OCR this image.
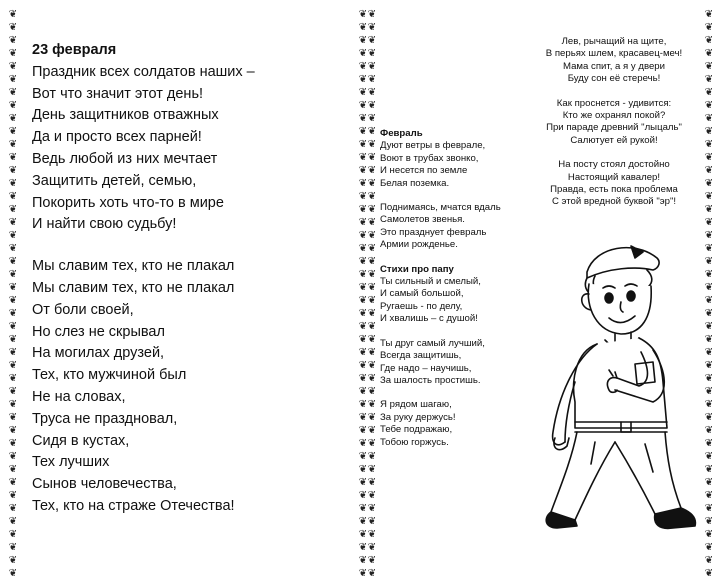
❦
❦
❦
❦
❦
❦
❦
❦
❦
❦
❦
❦
❦
❦
❦
❦
❦
❦
❦
❦
❦
❦
❦
❦
❦
❦
❦
❦
❦
❦
❦
❦
❦
❦
❦
❦
❦
❦
❦
❦
❦
❦
❦
❦
❦
❦
❦
❦
❦
❦
❦
❦
❦
❦
❦
❦
❦
❦
❦
❦
❦
❦
❦
❦
❦
❦
❦
❦
❦
❦
❦
❦
❦
❦
❦
❦
❦
❦
❦
❦
❦
❦
❦
❦
❦
❦
❦
❦
❦
❦
❦
❦
❦
❦
❦
❦
❦
❦
❦
❦
❦
❦
❦
❦
❦
❦
❦
❦
❦
❦
❦
❦
❦
❦
❦
❦
❦
❦
❦
❦
❦
❦
❦
❦
❦
❦
❦
❦
❦
❦
❦
❦
❦
❦
❦
❦
❦
❦
❦
❦
❦
❦
❦
❦
❦
❦
❦
❦
❦
❦
❦
❦
❦
❦
❦
❦
❦
❦
❦
❦
❦
❦
❦
❦
❦
❦
❦
❦
❦
❦
❦
❦
❦
❦
❦
❦
23 февраля
Праздник всех солдатов наших –
Вот что значит этот день!
День защитников отважных
Да и просто всех парней!
Ведь любой из них мечтает
Защитить детей, семью,
Покорить хоть что-то в мире
И найти свою судьбу!
Мы славим тех, кто не плакал
Мы славим тех, кто не плакал
От боли своей,
Но слез не скрывал
На могилах друзей,
Тех, кто мужчиной был
Не на словах,
Труса не праздновал,
Сидя в кустах,
Тех лучших
Сынов человечества,
Тех, кто на страже Отечества!
Февраль
Дуют ветры в феврале,
Воют в трубах звонко,
И несется по земле
Белая поземка.
Поднимаясь, мчатся вдаль
Самолетов звенья.
Это празднует февраль
Армии рожденье.
Стихи про папу
Ты сильный и смелый,
И самый большой,
Ругаешь - по делу,
И хвалишь – с душой!
Ты друг самый лучший,
Всегда защитишь,
Где надо – научишь,
За шалость простишь.
Я рядом шагаю,
За руку держусь!
Тебе подражаю,
Тобою горжусь.
Лев, рычащий на щите,
В перьях шлем, красавец-меч!
Мама спит, а я у двери
Буду сон её стеречь!
Как проснется - удивится:
Кто же охранял покой?
При параде древний "лыцаль"
Салютует ей рукой!
На посту стоял достойно
Настоящий кавалер!
Правда, есть пока проблема
С этой вредной буквой "эр"!
